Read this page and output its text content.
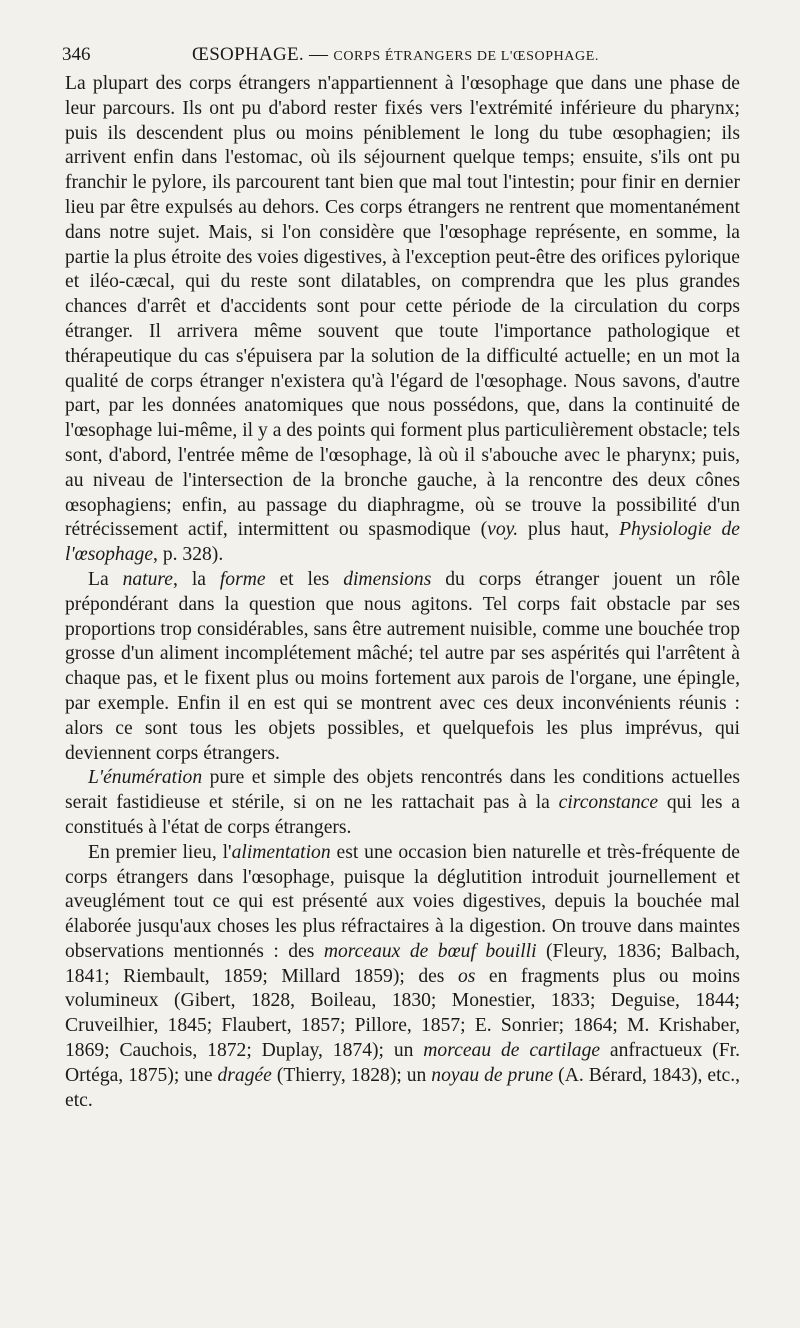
346	ŒSOPHAGE. — CORPS ÉTRANGERS DE L'ŒSOPHAGE.

La plupart des corps étrangers n'appartiennent à l'œsophage que dans une phase de leur parcours. Ils ont pu d'abord rester fixés vers l'extrémité inférieure du pharynx; puis ils descendent plus ou moins péniblement le long du tube œsophagien; ils arrivent enfin dans l'estomac, où ils séjournent quelque temps; ensuite, s'ils ont pu franchir le pylore, ils parcourent tant bien que mal tout l'intestin; pour finir en dernier lieu par être expulsés au dehors. Ces corps étrangers ne rentrent que momentanément dans notre sujet. Mais, si l'on considère que l'œsophage représente, en somme, la partie la plus étroite des voies digestives, à l'exception peut-être des orifices pylorique et iléo-cæcal, qui du reste sont dilatables, on comprendra que les plus grandes chances d'arrêt et d'accidents sont pour cette période de la circulation du corps étranger. Il arrivera même souvent que toute l'importance pathologique et thérapeutique du cas s'épuisera par la solution de la difficulté actuelle; en un mot la qualité de corps étranger n'existera qu'à l'égard de l'œsophage. Nous savons, d'autre part, par les données anatomiques que nous possédons, que, dans la continuité de l'œsophage lui-même, il y a des points qui forment plus particulièrement obstacle; tels sont, d'abord, l'entrée même de l'œsophage, là où il s'abouche avec le pharynx; puis, au niveau de l'intersection de la bronche gauche, à la rencontre des deux cônes œsophagiens; enfin, au passage du diaphragme, où se trouve la possibilité d'un rétrécissement actif, intermittent ou spasmodique (voy. plus haut, Physiologie de l'œsophage, p. 328).

La nature, la forme et les dimensions du corps étranger jouent un rôle prépondérant dans la question que nous agitons. Tel corps fait obstacle par ses proportions trop considérables, sans être autrement nuisible, comme une bouchée trop grosse d'un aliment incomplétement mâché; tel autre par ses aspérités qui l'arrêtent à chaque pas, et le fixent plus ou moins fortement aux parois de l'organe, une épingle, par exemple. Enfin il en est qui se montrent avec ces deux inconvénients réunis : alors ce sont tous les objets possibles, et quelquefois les plus imprévus, qui deviennent corps étrangers.

L'énumération pure et simple des objets rencontrés dans les conditions actuelles serait fastidieuse et stérile, si on ne les rattachait pas à la circonstance qui les a constitués à l'état de corps étrangers.

En premier lieu, l'alimentation est une occasion bien naturelle et très-fréquente de corps étrangers dans l'œsophage, puisque la déglutition introduit journellement et aveuglément tout ce qui est présenté aux voies digestives, depuis la bouchée mal élaborée jusqu'aux choses les plus réfractaires à la digestion. On trouve dans maintes observations mentionnés : des morceaux de bœuf bouilli (Fleury, 1836; Balbach, 1841; Riembault, 1859; Millard 1859); des os en fragments plus ou moins volumineux (Gibert, 1828, Boileau, 1830; Monestier, 1833; Deguise, 1844; Cruveilhier, 1845; Flaubert, 1857; Pillore, 1857; E. Sonrier; 1864; M. Krishaber, 1869; Cauchois, 1872; Duplay, 1874); un morceau de cartilage anfractueux (Fr. Ortéga, 1875); une dragée (Thierry, 1828); un noyau de prune (A. Bérard, 1843), etc., etc.
